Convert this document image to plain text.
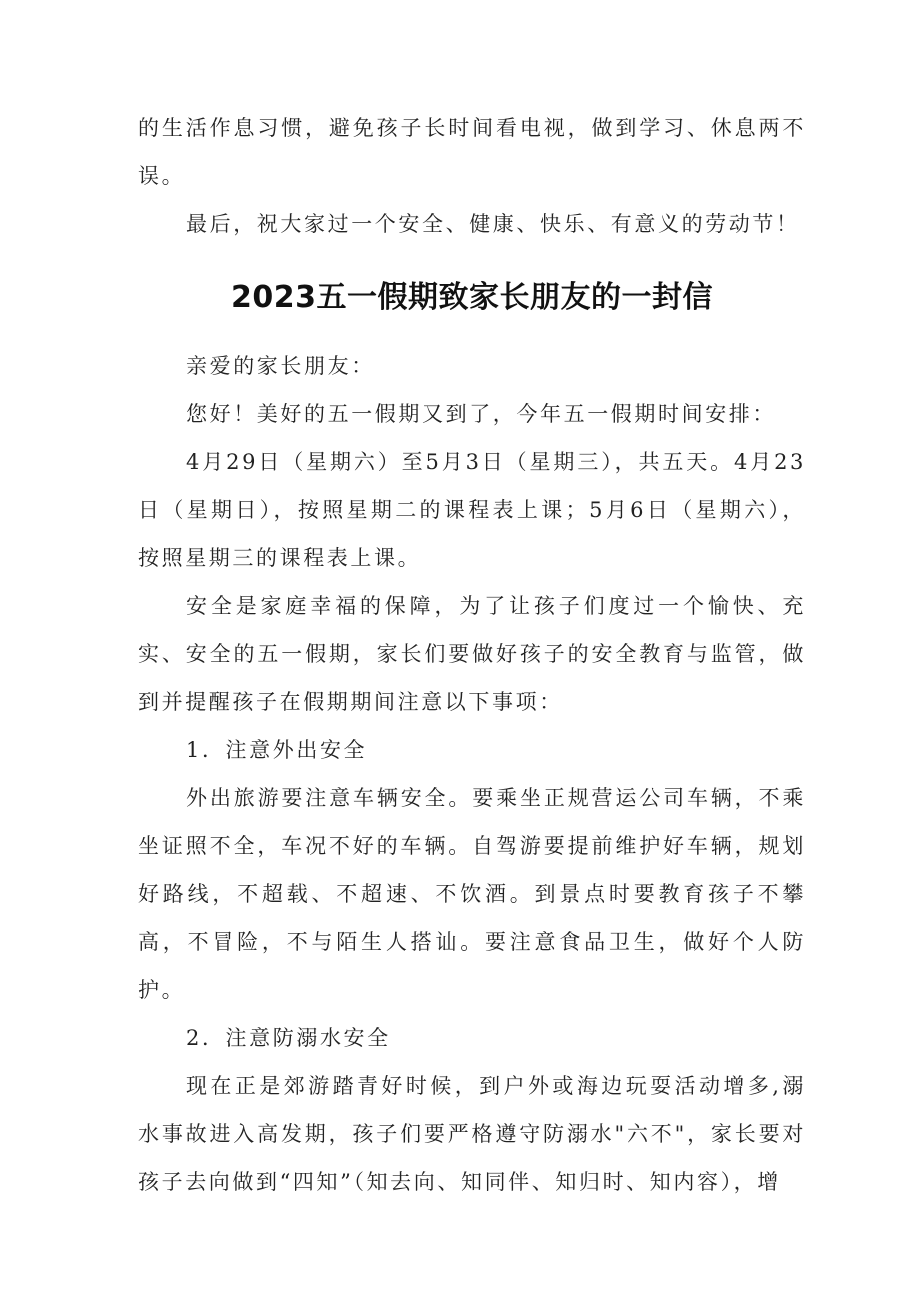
的生活作息习惯，避免孩子长时间看电视，做到学习、休息两不误。

最后，祝大家过一个安全、健康、快乐、有意义的劳动节！

2023五一假期致家长朋友的一封信

亲爱的家长朋友：

您好！美好的五一假期又到了，今年五一假期时间安排：

4月29日（星期六）至5月3日（星期三），共五天。4月23日（星期日），按照星期二的课程表上课；5月6日（星期六），按照星期三的课程表上课。

安全是家庭幸福的保障，为了让孩子们度过一个愉快、充实、安全的五一假期，家长们要做好孩子的安全教育与监管，做到并提醒孩子在假期期间注意以下事项：

1．注意外出安全

外出旅游要注意车辆安全。要乘坐正规营运公司车辆，不乘坐证照不全，车况不好的车辆。自驾游要提前维护好车辆，规划好路线，不超载、不超速、不饮酒。到景点时要教育孩子不攀高，不冒险，不与陌生人搭讪。要注意食品卫生，做好个人防护。

2．注意防溺水安全

现在正是郊游踏青好时候，到户外或海边玩耍活动增多,溺水事故进入高发期，孩子们要严格遵守防溺水"六不"，家长要对孩子去向做到“四知”（知去向、知同伴、知归时、知内容），增
